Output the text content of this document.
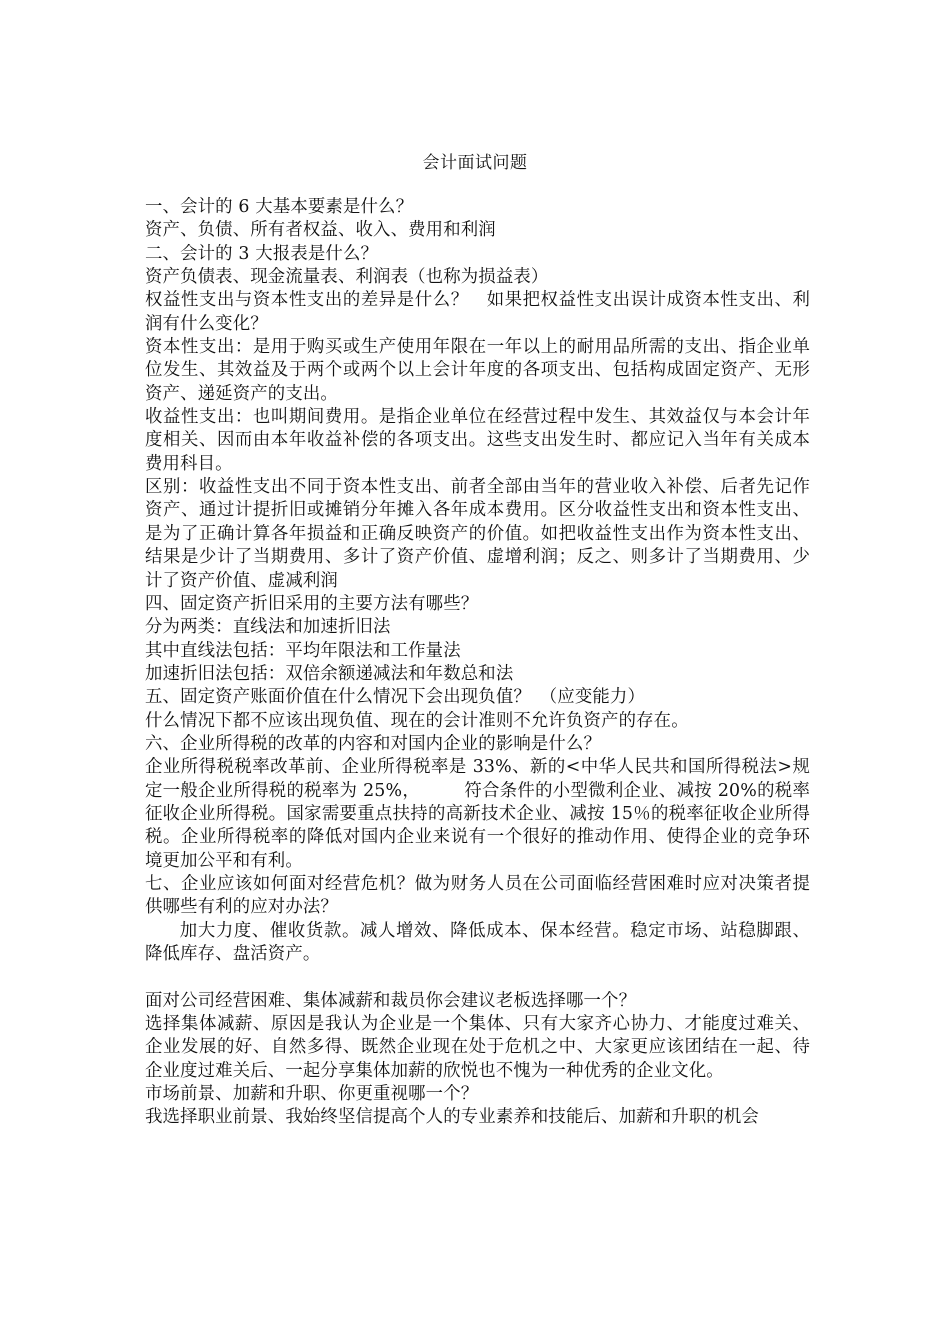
会计面试问题

一、会计的 6 大基本要素是什么？

资产、负债、所有者权益、收入、费用和利润

二、会计的 3 大报表是什么？

资产负债表、现金流量表、利润表（也称为损益表）

权益性支出与资本性支出的差异是什么？　如果把权益性支出误计成资本性支出、利润有什么变化？

资本性支出：是用于购买或生产使用年限在一年以上的耐用品所需的支出、指企业单位发生、其效益及于两个或两个以上会计年度的各项支出、包括构成固定资产、无形资产、递延资产的支出。

收益性支出：也叫期间费用。是指企业单位在经营过程中发生、其效益仅与本会计年度相关、因而由本年收益补偿的各项支出。这些支出发生时、都应记入当年有关成本费用科目。

区别：收益性支出不同于资本性支出、前者全部由当年的营业收入补偿、后者先记作资产、通过计提折旧或摊销分年摊入各年成本费用。区分收益性支出和资本性支出、是为了正确计算各年损益和正确反映资产的价值。如把收益性支出作为资本性支出、结果是少计了当期费用、多计了资产价值、虚增利润；反之、则多计了当期费用、少计了资产价值、虚减利润

四、固定资产折旧采用的主要方法有哪些？

分为两类：直线法和加速折旧法

其中直线法包括：平均年限法和工作量法

加速折旧法包括：双倍余额递减法和年数总和法

五、固定资产账面价值在什么情况下会出现负值？　（应变能力）

什么情况下都不应该出现负值、现在的会计准则不允许负资产的存在。

六、企业所得税的改革的内容和对国内企业的影响是什么？

企业所得税税率改革前、企业所得税率是 33%、新的<中华人民共和国所得税法>规定一般企业所得税的税率为 25%，　　　符合条件的小型微利企业、减按 20%的税率征收企业所得税。国家需要重点扶持的高新技术企业、减按 15％的税率征收企业所得税。企业所得税率的降低对国内企业来说有一个很好的推动作用、使得企业的竞争环境更加公平和有利。

七、企业应该如何面对经营危机？做为财务人员在公司面临经营困难时应对决策者提供哪些有利的应对办法？

加大力度、催收货款。减人增效、降低成本、保本经营。稳定市场、站稳脚跟、降低库存、盘活资产。

面对公司经营困难、集体减薪和裁员你会建议老板选择哪一个？

选择集体减薪、原因是我认为企业是一个集体、只有大家齐心协力、才能度过难关、企业发展的好、自然多得、既然企业现在处于危机之中、大家更应该团结在一起、待企业度过难关后、一起分享集体加薪的欣悦也不愧为一种优秀的企业文化。

市场前景、加薪和升职、你更重视哪一个？

我选择职业前景、我始终坚信提高个人的专业素养和技能后、加薪和升职的机会
